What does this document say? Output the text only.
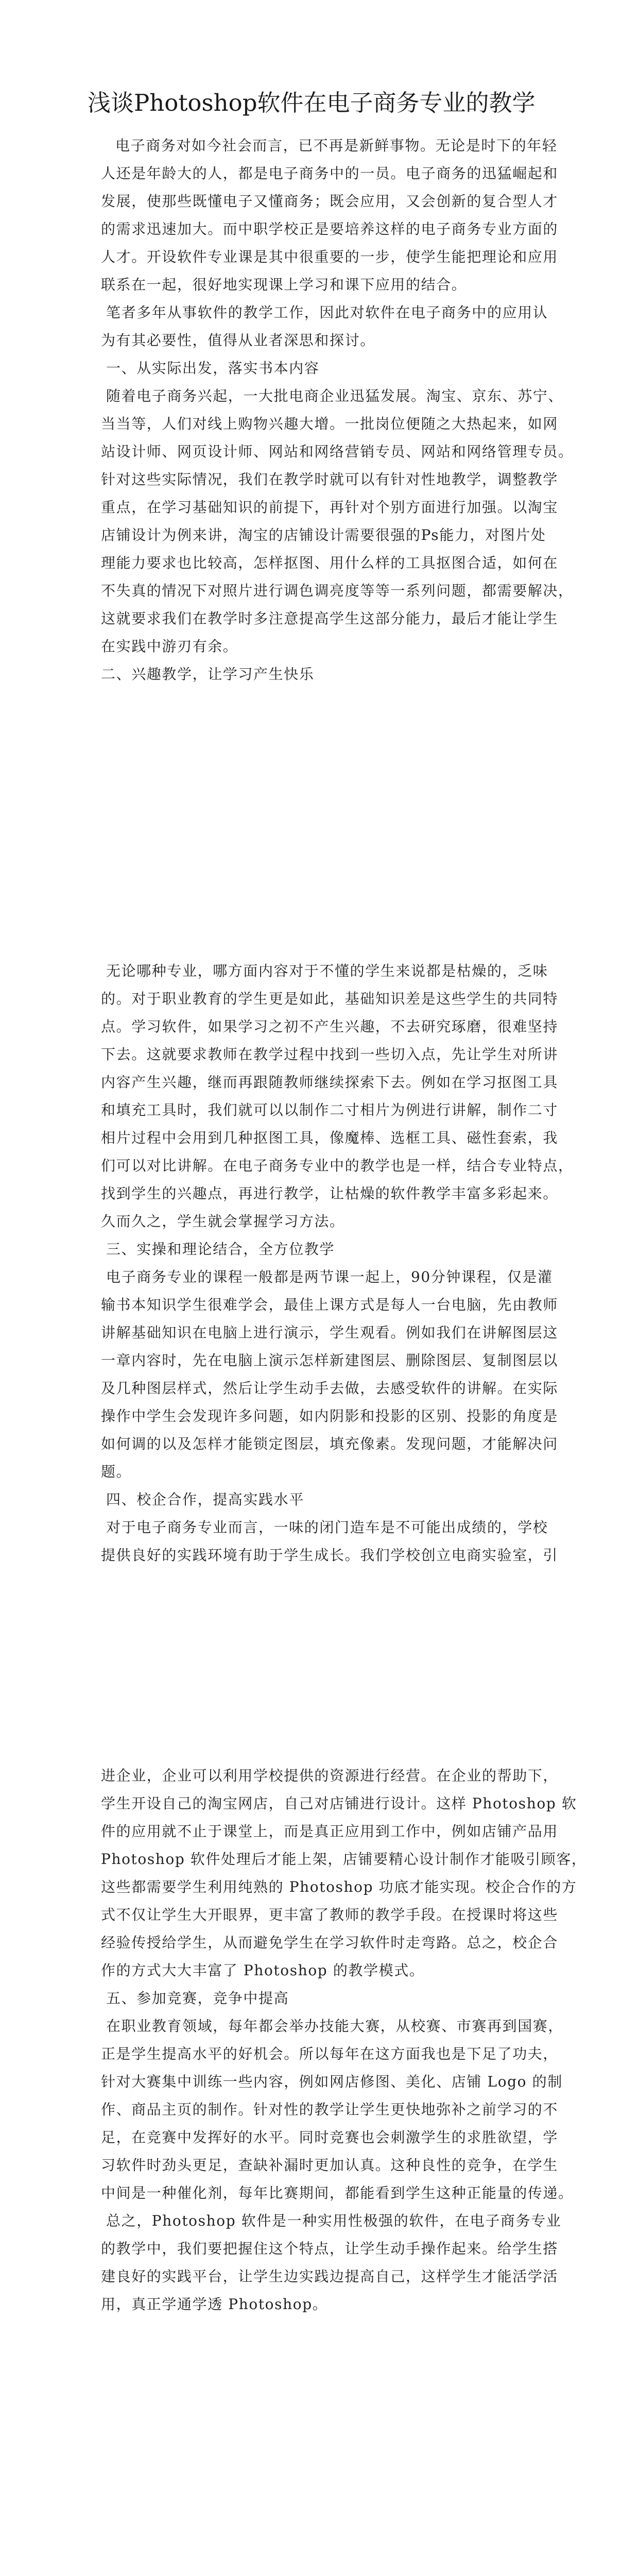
浅谈Photoshop软件在电子商务专业的教学
电子商务对如今社会而言，已不再是新鲜事物。无论是时下的年轻
人还是年龄大的人，都是电子商务中的一员。电子商务的迅猛崛起和
发展，使那些既懂电子又懂商务；既会应用，又会创新的复合型人才
的需求迅速加大。而中职学校正是要培养这样的电子商务专业方面的
人才。开设软件专业课是其中很重要的一步，使学生能把理论和应用
联系在一起，很好地实现课上学习和课下应用的结合。
笔者多年从事软件的教学工作，因此对软件在电子商务中的应用认
为有其必要性，值得从业者深思和探讨。
一、从实际出发，落实书本内容
随着电子商务兴起，一大批电商企业迅猛发展。淘宝、京东、苏宁、
当当等，人们对线上购物兴趣大增。一批岗位便随之大热起来，如网
站设计师、网页设计师、网站和网络营销专员、网站和网络管理专员。
针对这些实际情况，我们在教学时就可以有针对性地教学，调整教学
重点，在学习基础知识的前提下，再针对个别方面进行加强。以淘宝
店铺设计为例来讲，淘宝的店铺设计需要很强的Ps能力，对图片处
理能力要求也比较高，怎样抠图、用什么样的工具抠图合适，如何在
不失真的情况下对照片进行调色调亮度等等一系列问题，都需要解决，
这就要求我们在教学时多注意提高学生这部分能力，最后才能让学生
在实践中游刃有余。
二、兴趣教学，让学习产生快乐
无论哪种专业，哪方面内容对于不懂的学生来说都是枯燥的，乏味
的。对于职业教育的学生更是如此，基础知识差是这些学生的共同特
点。学习软件，如果学习之初不产生兴趣，不去研究琢磨，很难坚持
下去。这就要求教师在教学过程中找到一些切入点，先让学生对所讲
内容产生兴趣，继而再跟随教师继续探索下去。例如在学习抠图工具
和填充工具时，我们就可以以制作二寸相片为例进行讲解，制作二寸
相片过程中会用到几种抠图工具，像魔棒、选框工具、磁性套索，我
们可以对比讲解。在电子商务专业中的教学也是一样，结合专业特点，
找到学生的兴趣点，再进行教学，让枯燥的软件教学丰富多彩起来。
久而久之，学生就会掌握学习方法。
三、实操和理论结合，全方位教学
电子商务专业的课程一般都是两节课一起上，90分钟课程，仅是灌
输书本知识学生很难学会，最佳上课方式是每人一台电脑，先由教师
讲解基础知识在电脑上进行演示，学生观看。例如我们在讲解图层这
一章内容时，先在电脑上演示怎样新建图层、删除图层、复制图层以
及几种图层样式，然后让学生动手去做，去感受软件的讲解。在实际
操作中学生会发现许多问题，如内阴影和投影的区别、投影的角度是
如何调的以及怎样才能锁定图层，填充像素。发现问题，才能解决问
题。
四、校企合作，提高实践水平
对于电子商务专业而言，一味的闭门造车是不可能出成绩的，学校
提供良好的实践环境有助于学生成长。我们学校创立电商实验室，引
进企业，企业可以利用学校提供的资源进行经营。在企业的帮助下，
学生开设自己的淘宝网店，自己对店铺进行设计。这样 Photoshop 软
件的应用就不止于课堂上，而是真正应用到工作中，例如店铺产品用
Photoshop 软件处理后才能上架，店铺要精心设计制作才能吸引顾客，
这些都需要学生利用纯熟的 Photoshop 功底才能实现。校企合作的方
式不仅让学生大开眼界，更丰富了教师的教学手段。在授课时将这些
经验传授给学生，从而避免学生在学习软件时走弯路。总之，校企合
作的方式大大丰富了 Photoshop 的教学模式。
五、参加竞赛，竞争中提高
在职业教育领域，每年都会举办技能大赛，从校赛、市赛再到国赛，
正是学生提高水平的好机会。所以每年在这方面我也是下足了功夫，
针对大赛集中训练一些内容，例如网店修图、美化、店铺 Logo 的制
作、商品主页的制作。针对性的教学让学生更快地弥补之前学习的不
足，在竞赛中发挥好的水平。同时竞赛也会刺激学生的求胜欲望，学
习软件时劲头更足，查缺补漏时更加认真。这种良性的竞争，在学生
中间是一种催化剂，每年比赛期间，都能看到学生这种正能量的传递。
总之，Photoshop 软件是一种实用性极强的软件，在电子商务专业
的教学中，我们要把握住这个特点，让学生动手操作起来。给学生搭
建良好的实践平台，让学生边实践边提高自己，这样学生才能活学活
用，真正学通学透 Photoshop。
